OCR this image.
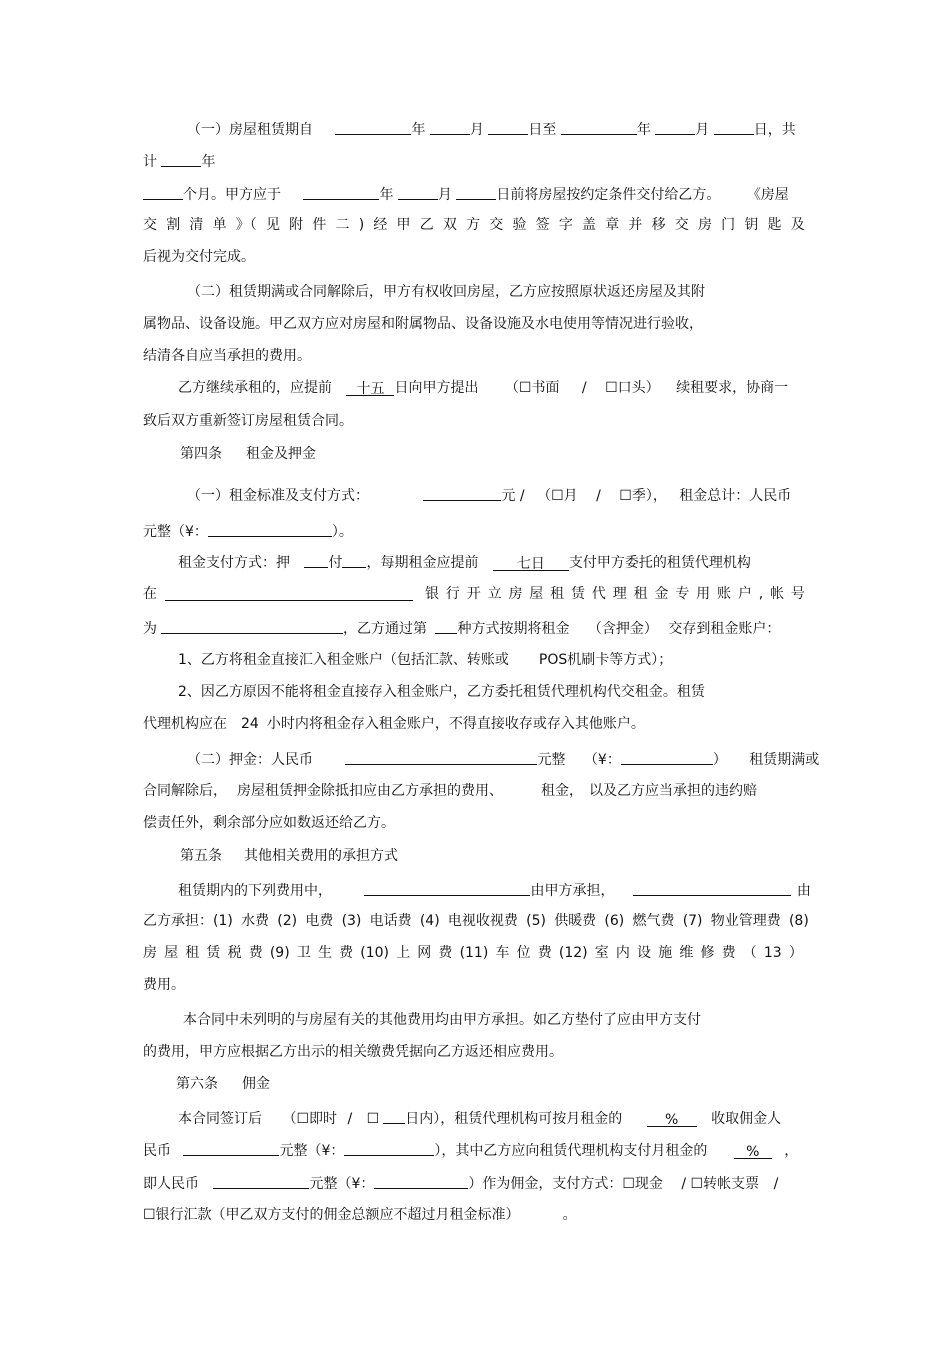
（一）房屋租赁期自	年	月	日至	年	月	日，共
计	年
个月。甲方应于	年	月	日前将房屋按约定条件交付给乙方。 《房屋
交 割 清 单 》（ 见 附 件 二 ) 经 甲 乙 双 方 交 验 签 字 盖 章 并 移 交 房 门 钥 匙 及
后视为交付完成。
（二）租赁期满或合同解除后，甲方有权收回房屋，乙方应按照原状返还房屋及其附
属物品、设备设施。甲乙双方应对房屋和附属物品、设备设施及水电使用等情况进行验收，
结清各自应当承担的费用。
乙方继续承租的，应提前 十五 日向甲方提出 （☐书面 / ☐口头） 续租要求，协商一
致后双方重新签订房屋租赁合同。
第四条 租金及押金
（一）租金标准及支付方式：	元 / （☐月 / ☐季）， 租金总计：人民币
元整（¥：	）。
租金支付方式：押	付 ，每期租金应提前	七日 支付甲方委托的租赁代理机构
在	银 行 开 立 房 屋 租 赁 代 理 租 金 专 用 账 户 , 帐 号
为	，乙方通过第 种方式按期将租金 （含押金） 交存到租金账户：
1、乙方将租金直接汇入租金账户（包括汇款、转账或 POS机刷卡等方式）；
2、因乙方原因不能将租金直接存入租金账户，乙方委托租赁代理机构代交租金。租赁
代理机构应在 24 小时内将租金存入租金账户，不得直接收存或存入其他账户。
（二）押金：人民币	元整 （¥：	） 租赁期满或
合同解除后， 房屋租赁押金除抵扣应由乙方承担的费用、	租金， 以及乙方应当承担的违约赔
偿责任外，剩余部分应如数返还给乙方。
第五条 其他相关费用的承担方式
租赁期内的下列费用中，	由甲方承担，	由
乙方承担：(1) 水费 (2) 电费 (3) 电话费 (4) 电视收视费 (5) 供暖费 (6) 燃气费 (7) 物业管理费 (8)
房 屋 租 赁 税 费 (9) 卫 生 费 (10) 上 网 费 (11) 车 位 费 (12) 室 内 设 施 维 修 费 （ 13 ）
费用。
本合同中未列明的与房屋有关的其他费用均由甲方承担。如乙方垫付了应由甲方支付
的费用，甲方应根据乙方出示的相关缴费凭据向乙方返还相应费用。
第六条 佣金
本合同签订后 （☐即时 / ☐ 日内），租赁代理机构可按月租金的	% 收取佣金人
民币	元整（¥：	），其中乙方应向租赁代理机构支付月租金的	% ，
即人民币	元整（¥：	）作为佣金，支付方式：☐现金 / ☐转帐支票 /
☐银行汇款（甲乙双方支付的佣金总额应不超过月租金标准）	。
